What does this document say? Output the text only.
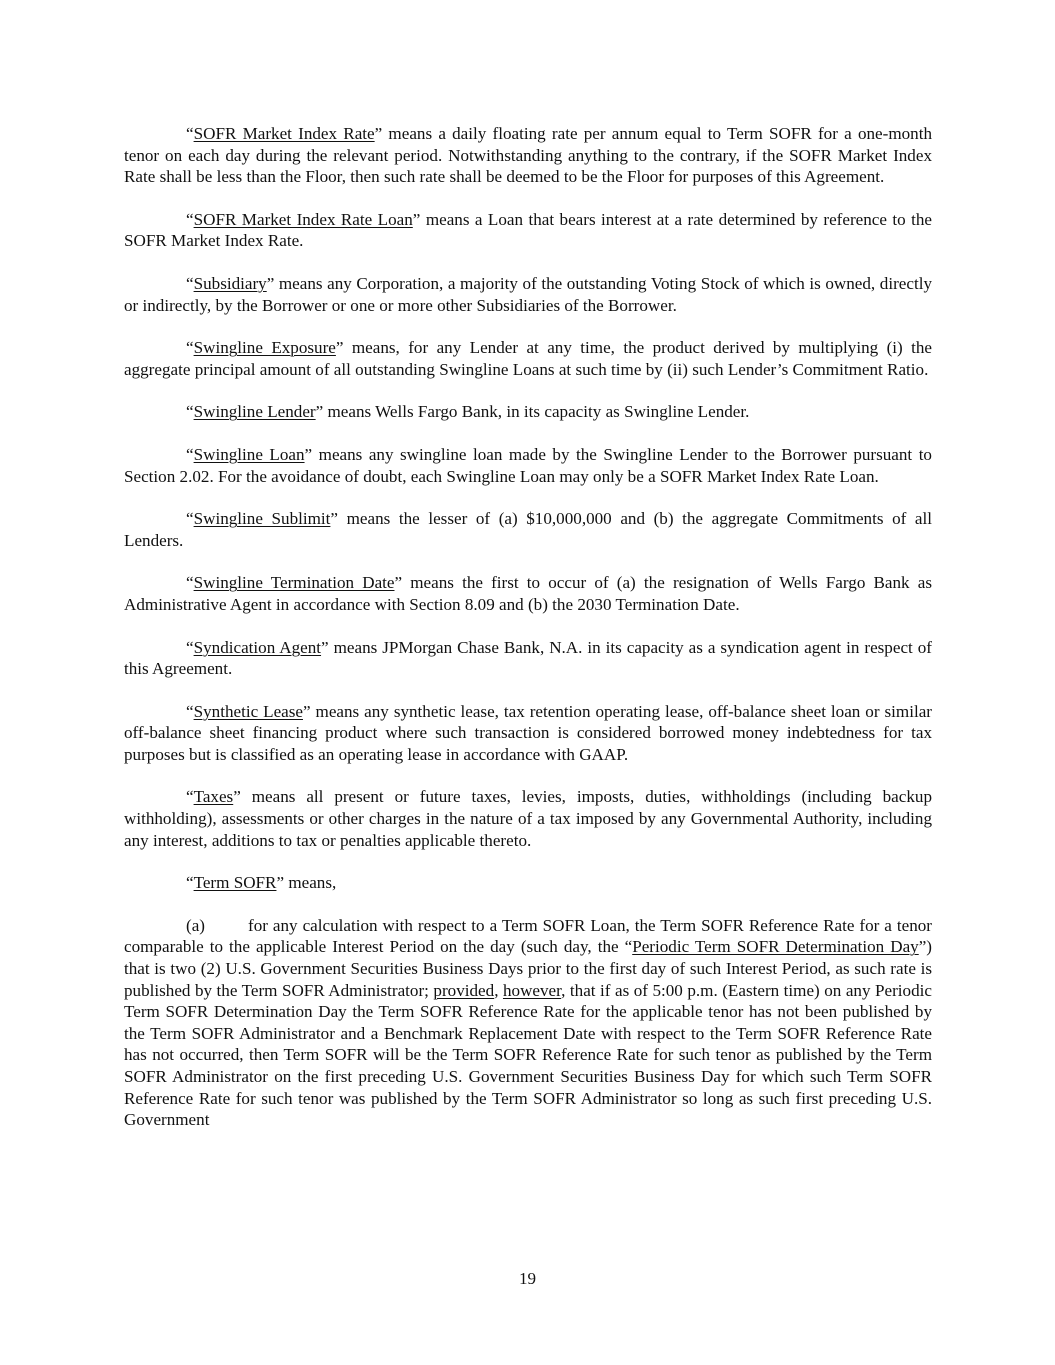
“SOFR Market Index Rate” means a daily floating rate per annum equal to Term SOFR for a one-month tenor on each day during the relevant period. Notwithstanding anything to the contrary, if the SOFR Market Index Rate shall be less than the Floor, then such rate shall be deemed to be the Floor for purposes of this Agreement.

“SOFR Market Index Rate Loan” means a Loan that bears interest at a rate determined by reference to the SOFR Market Index Rate.

“Subsidiary” means any Corporation, a majority of the outstanding Voting Stock of which is owned, directly or indirectly, by the Borrower or one or more other Subsidiaries of the Borrower.

“Swingline Exposure” means, for any Lender at any time, the product derived by multiplying (i) the aggregate principal amount of all outstanding Swingline Loans at such time by (ii) such Lender’s Commitment Ratio.

“Swingline Lender” means Wells Fargo Bank, in its capacity as Swingline Lender.

“Swingline Loan” means any swingline loan made by the Swingline Lender to the Borrower pursuant to Section 2.02. For the avoidance of doubt, each Swingline Loan may only be a SOFR Market Index Rate Loan.

“Swingline Sublimit” means the lesser of (a) $10,000,000 and (b) the aggregate Commitments of all Lenders.

“Swingline Termination Date” means the first to occur of (a) the resignation of Wells Fargo Bank as Administrative Agent in accordance with Section 8.09 and (b) the 2030 Termination Date.

“Syndication Agent” means JPMorgan Chase Bank, N.A. in its capacity as a syndication agent in respect of this Agreement.

“Synthetic Lease” means any synthetic lease, tax retention operating lease, off-balance sheet loan or similar off-balance sheet financing product where such transaction is considered borrowed money indebtedness for tax purposes but is classified as an operating lease in accordance with GAAP.

“Taxes” means all present or future taxes, levies, imposts, duties, withholdings (including backup withholding), assessments or other charges in the nature of a tax imposed by any Governmental Authority, including any interest, additions to tax or penalties applicable thereto.

“Term SOFR” means,

(a)	for any calculation with respect to a Term SOFR Loan, the Term SOFR Reference Rate for a tenor comparable to the applicable Interest Period on the day (such day, the “Periodic Term SOFR Determination Day”) that is two (2) U.S. Government Securities Business Days prior to the first day of such Interest Period, as such rate is published by the Term SOFR Administrator; provided, however, that if as of 5:00 p.m. (Eastern time) on any Periodic Term SOFR Determination Day the Term SOFR Reference Rate for the applicable tenor has not been published by the Term SOFR Administrator and a Benchmark Replacement Date with respect to the Term SOFR Reference Rate has not occurred, then Term SOFR will be the Term SOFR Reference Rate for such tenor as published by the Term SOFR Administrator on the first preceding U.S. Government Securities Business Day for which such Term SOFR Reference Rate for such tenor was published by the Term SOFR Administrator so long as such first preceding U.S. Government

19
